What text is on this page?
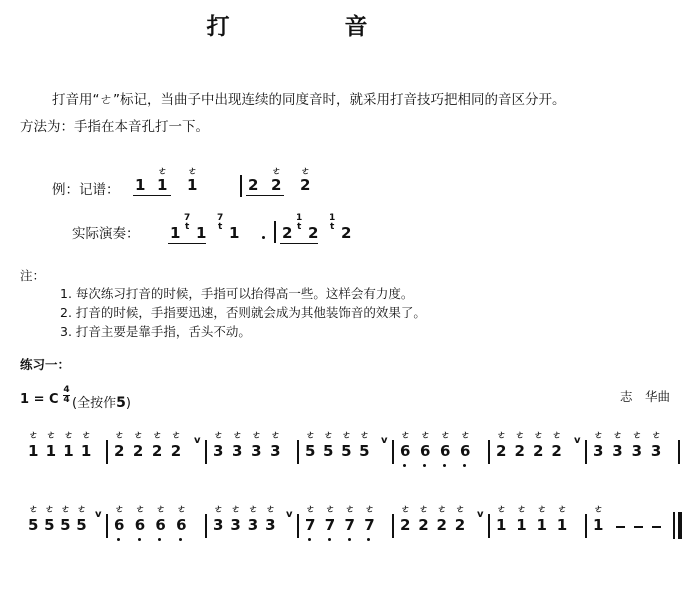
打　音
打音用“ㄜ”标记，当曲子中出现连续的同度音时，就采用打音技巧把相同的音区分开。
方法为：手指在本音孔打一下。
例：记谱： 1 1
ㄜ
1
ㄜ
2 2
ㄜ
2
ㄜ
1
7
t 1
7
t 1	2
1
t 2
1
t 2
实际演奏：
注：
1. 每次练习打音的时候，手指可以抬得高一些。这样会有力度。
2. 打音的时候，手指要迅速，否则就会成为其他装饰音的效果了。
3. 打音主要是靠手指，舌头不动。
练习一：
1 = C
4
4 (全按作5)	志　华曲
1
ㄜ
1
ㄜ
1
ㄜ
1
ㄜ
2
ㄜ
2
ㄜ
2
ㄜ
2
ㄜ v
3
ㄜ
3
ㄜ
3
ㄜ
3
ㄜ
5
ㄜ
5
ㄜ
5
ㄜ
5
ㄜ v
6
ㄜ
6
ㄜ
6
ㄜ
6
ㄜ
2
ㄜ
2
ㄜ
2
ㄜ
2
ㄜ v
3
ㄜ
3
ㄜ
3
ㄜ
3
ㄜ
5
ㄜ
5
ㄜ
5
ㄜ
5
ㄜ v
6
ㄜ
6
ㄜ
6
ㄜ
6
ㄜ
3
ㄜ
3
ㄜ
3
ㄜ
3
ㄜ v
7
ㄜ
7
ㄜ
7
ㄜ
7
ㄜ
2
ㄜ
2
ㄜ
2
ㄜ
2
ㄜ v
1
ㄜ
1
ㄜ
1
ㄜ
1
ㄜ
1
ㄜ
